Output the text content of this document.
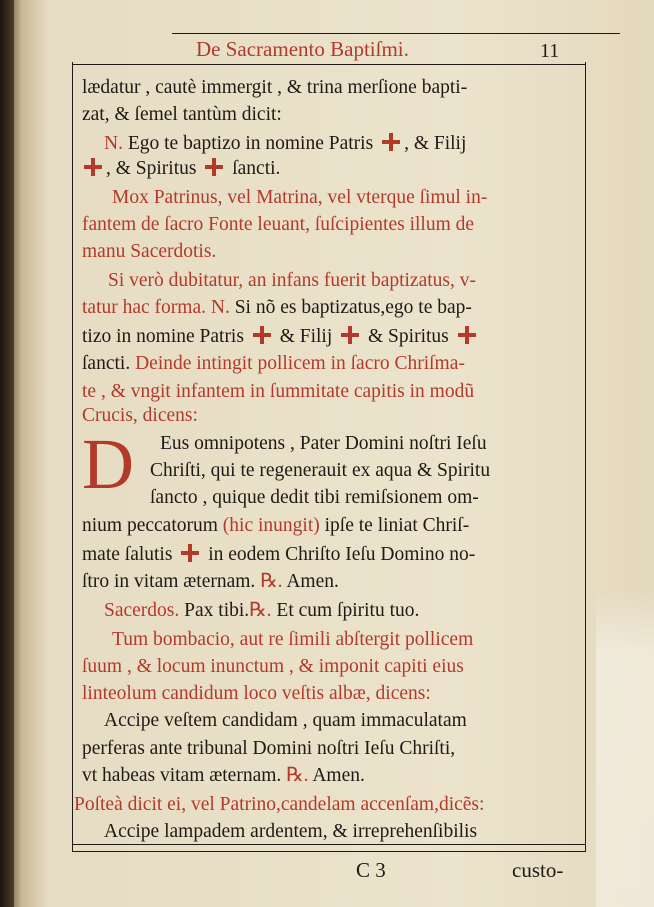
De Sacramento Baptiſmi.	11
lædatur , cautè immergit , & trina merſione bapti-
zat, & ſemel tantùm dicit:
N. Ego te baptizo in nomine Patris , & Filij
, & Spiritus  ſancti.
Mox Patrinus, vel Matrina, vel vterque ſimul in-
fantem de ſacro Fonte leuant, ſuſcipientes illum de
manu Sacerdotis.
Si verò dubitatur, an infans fuerit baptizatus, v-
tatur hac forma. N. Si nõ es baptizatus,ego te bap-
tizo in nomine Patris  & Filij  & Spiritus
ſancti. Deinde intingit pollicem in ſacro Chriſma-
te , & vngit infantem in ſummitate capitis in modũ
Crucis, dicens:
Eus omnipotens , Pater Domini noſtri Ieſu
Chriſti, qui te regenerauit ex aqua & Spiritu
ſancto , quique dedit tibi remiſsionem om-
nium peccatorum (hic inungit) ipſe te liniat Chriſ-
mate ſalutis  in eodem Chriſto Ieſu Domino no-
ſtro in vitam æternam. ℞. Amen.
Sacerdos. Pax tibi.℞. Et cum ſpiritu tuo.
Tum bombacio, aut re ſimili abſtergit pollicem
ſuum , & locum inunctum , & imponit capiti eius
linteolum candidum loco veſtis albæ, dicens:
Accipe veſtem candidam , quam immaculatam
perferas ante tribunal Domini noſtri Ieſu Chriſti,
vt habeas vitam æternam. ℞. Amen.
Poſteà dicit ei, vel Patrino,candelam accenſam,dicẽs:
Accipe lampadem ardentem, & irreprehenſibilis
D
C 3	custo-
